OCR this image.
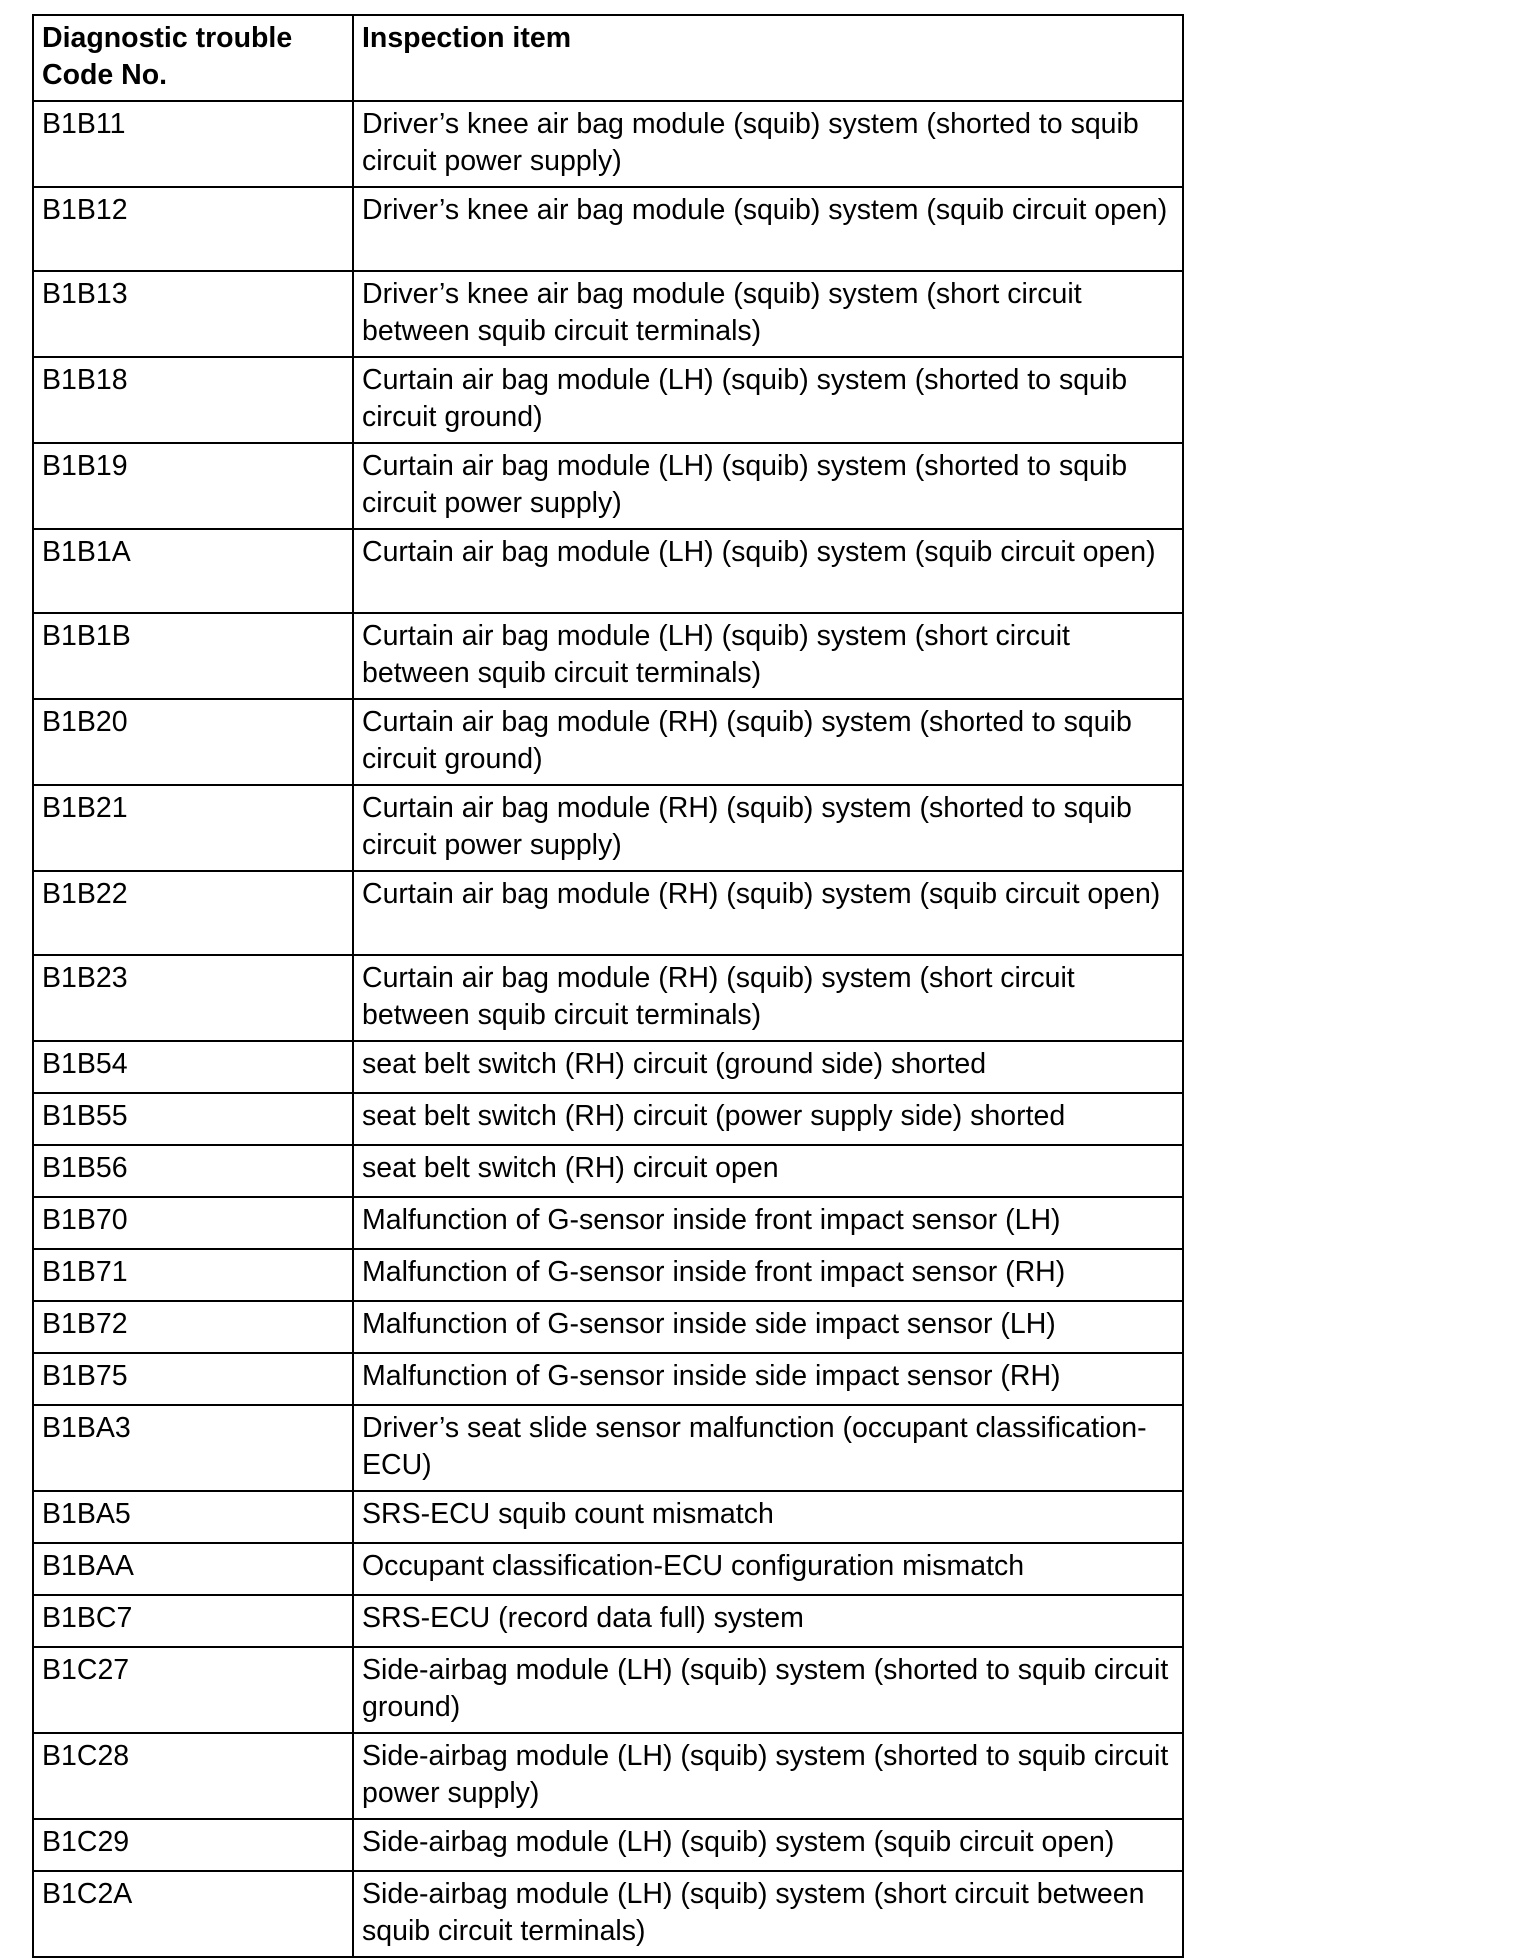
Diagnostic trouble Code No.	Inspection item
B1B11	Driver’s knee air bag module (squib) system (shorted to squib circuit power supply)
B1B12	Driver’s knee air bag module (squib) system (squib circuit open)
B1B13	Driver’s knee air bag module (squib) system (short circuit between squib circuit terminals)
B1B18	Curtain air bag module (LH) (squib) system (shorted to squib circuit ground)
B1B19	Curtain air bag module (LH) (squib) system (shorted to squib circuit power supply)
B1B1A	Curtain air bag module (LH) (squib) system (squib circuit open)
B1B1B	Curtain air bag module (LH) (squib) system (short circuit between squib circuit terminals)
B1B20	Curtain air bag module (RH) (squib) system (shorted to squib circuit ground)
B1B21	Curtain air bag module (RH) (squib) system (shorted to squib circuit power supply)
B1B22	Curtain air bag module (RH) (squib) system (squib circuit open)
B1B23	Curtain air bag module (RH) (squib) system (short circuit between squib circuit terminals)
B1B54	seat belt switch (RH) circuit (ground side) shorted
B1B55	seat belt switch (RH) circuit (power supply side) shorted
B1B56	seat belt switch (RH) circuit open
B1B70	Malfunction of G-sensor inside front impact sensor (LH)
B1B71	Malfunction of G-sensor inside front impact sensor (RH)
B1B72	Malfunction of G-sensor inside side impact sensor (LH)
B1B75	Malfunction of G-sensor inside side impact sensor (RH)
B1BA3	Driver’s seat slide sensor malfunction (occupant classification-ECU)
B1BA5	SRS-ECU squib count mismatch
B1BAA	Occupant classification-ECU configuration mismatch
B1BC7	SRS-ECU (record data full) system
B1C27	Side-airbag module (LH) (squib) system (shorted to squib circuit ground)
B1C28	Side-airbag module (LH) (squib) system (shorted to squib circuit power supply)
B1C29	Side-airbag module (LH) (squib) system (squib circuit open)
B1C2A	Side-airbag module (LH) (squib) system (short circuit between squib circuit terminals)
